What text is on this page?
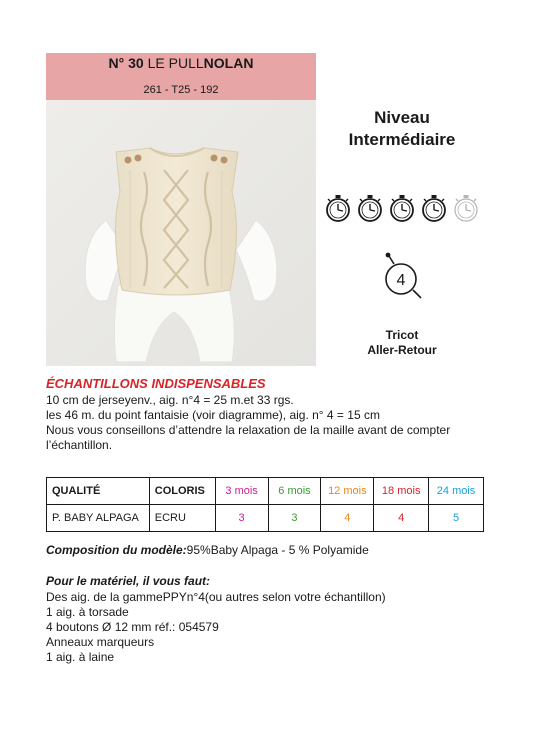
N° 30 LE PULLNOLAN
261 - T25 - 192
Niveau
Intermédiaire
4
Tricot
Aller-Retour
ÉCHANTILLONS INDISPENSABLES
10 cm de jerseyenv., aig. n°4 = 25 m.et 33 rgs.
les 46 m. du point fantaisie (voir diagramme), aig. n° 4 = 15 cm
Nous vous conseillons d’attendre la relaxation de la maille avant de compter
l’échantillon.
QUALITÉ	COLORIS	3 mois	6 mois	12 mois	18 mois	24 mois
P. BABY ALPAGA	ECRU	3	3	4	4	5
Composition du modèle:95%Baby Alpaga - 5 % Polyamide
Pour le matériel, il vous faut:
Des aig. de la gammePPYn°4(ou autres selon votre échantillon)
1 aig. à torsade
4 boutons Ø 12 mm réf.: 054579
Anneaux marqueurs
1 aig. à laine
